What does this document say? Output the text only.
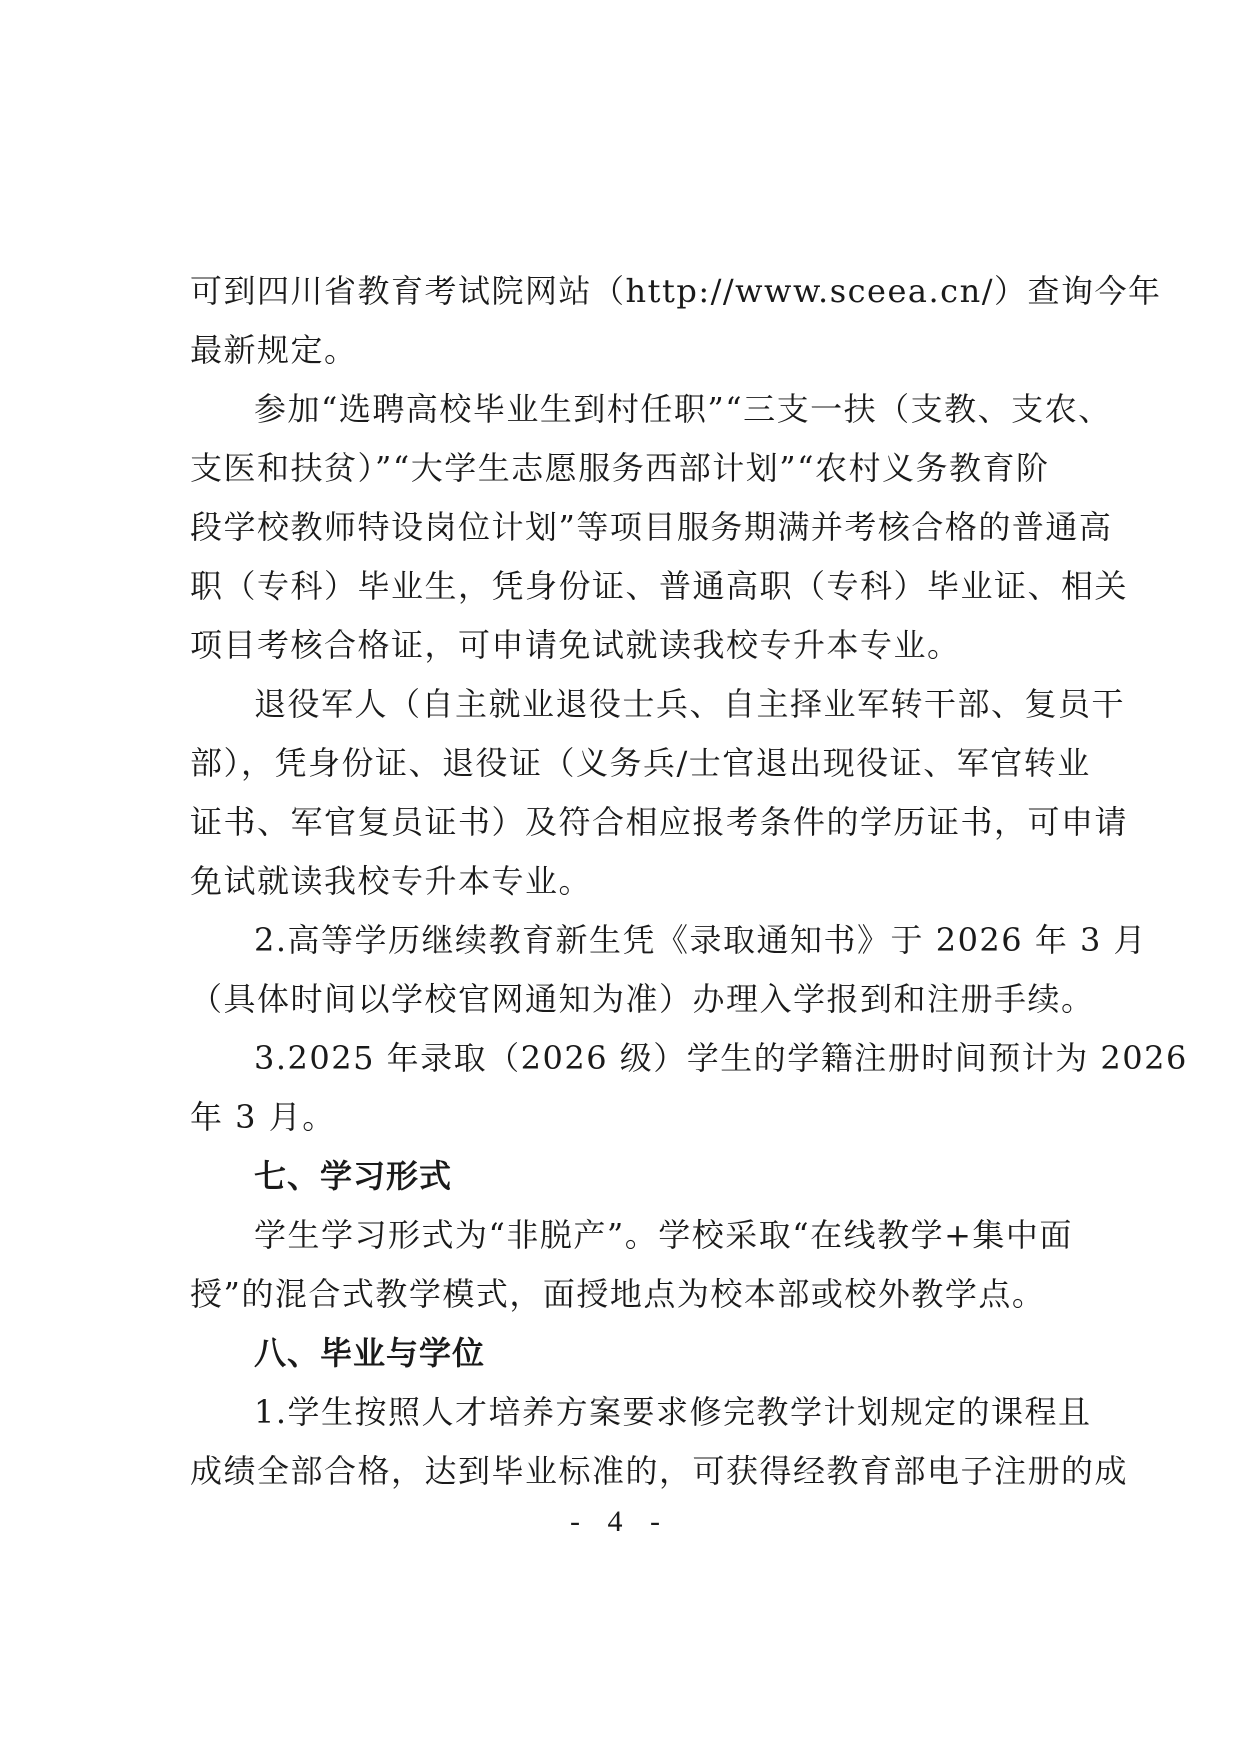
可到四川省教育考试院网站（http://www.sceea.cn/）查询今年
最新规定。
参加“选聘高校毕业生到村任职”“三支一扶（支教、支农、
支医和扶贫）”“大学生志愿服务西部计划”“农村义务教育阶
段学校教师特设岗位计划”等项目服务期满并考核合格的普通高
职（专科）毕业生，凭身份证、普通高职（专科）毕业证、相关
项目考核合格证，可申请免试就读我校专升本专业。
退役军人（自主就业退役士兵、自主择业军转干部、复员干
部），凭身份证、退役证（义务兵/士官退出现役证、军官转业
证书、军官复员证书）及符合相应报考条件的学历证书，可申请
免试就读我校专升本专业。
2.高等学历继续教育新生凭《录取通知书》于 2026 年 3 月
（具体时间以学校官网通知为准）办理入学报到和注册手续。
3.2025 年录取（2026 级）学生的学籍注册时间预计为 2026
年 3 月。
七、学习形式
学生学习形式为“非脱产”。学校采取“在线教学+集中面
授”的混合式教学模式，面授地点为校本部或校外教学点。
八、毕业与学位
1.学生按照人才培养方案要求修完教学计划规定的课程且
成绩全部合格，达到毕业标准的，可获得经教育部电子注册的成
- 4 -
